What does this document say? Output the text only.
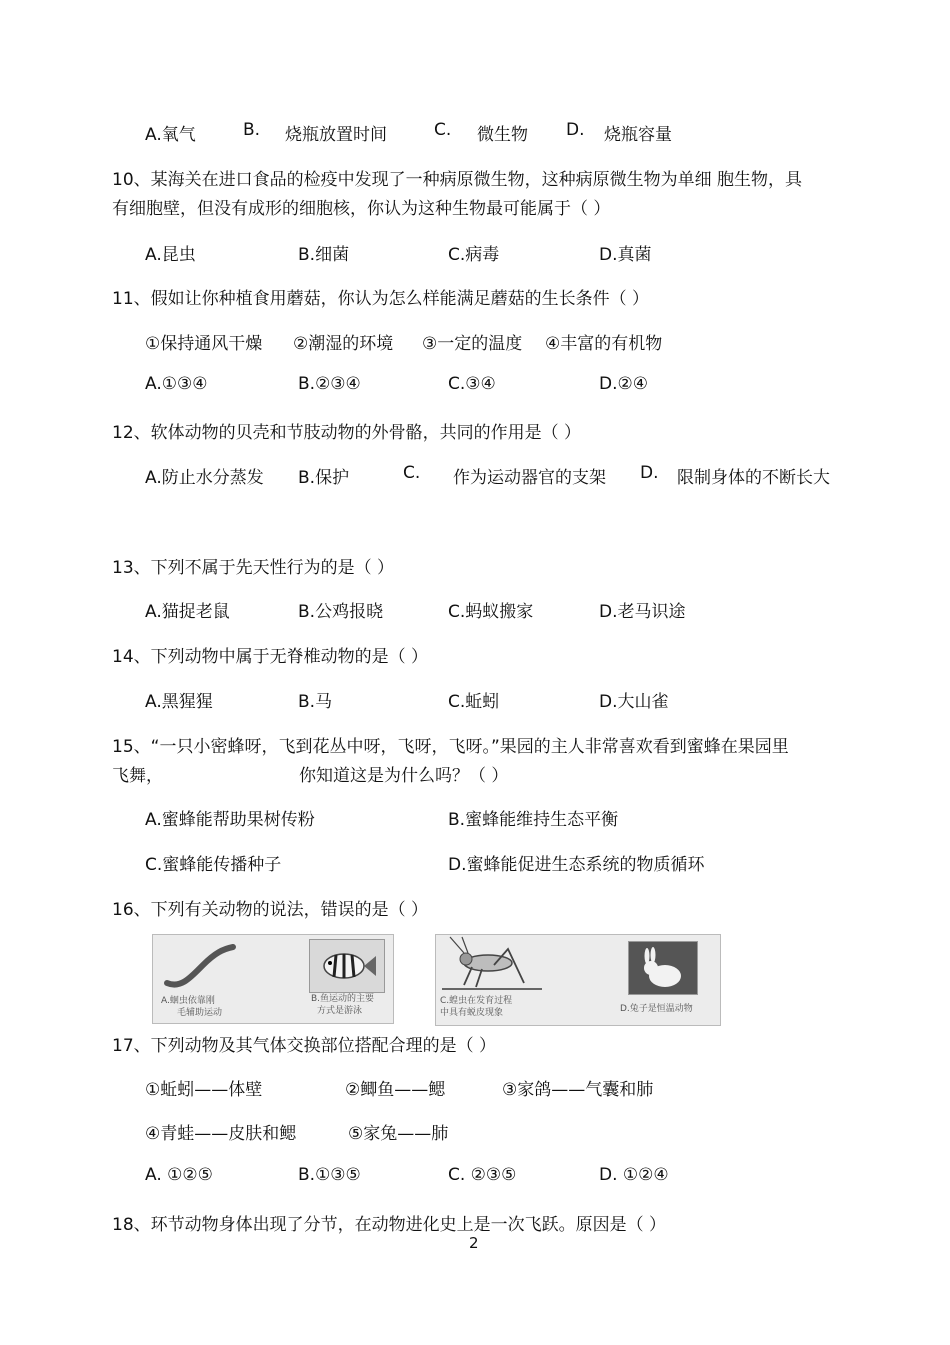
A.氧气	B. 烧瓶放置时间	C. 微生物 D. 烧瓶容量
10、某海关在进口食品的检疫中发现了一种病原微生物，这种病原微生物为单细 胞生物，具
有细胞壁，但没有成形的细胞核，你认为这种生物最可能属于（ ）
A.昆虫	B.细菌	C.病毒	D.真菌
11、假如让你种植食用蘑菇，你认为怎么样能满足蘑菇的生长条件（ ）
①保持通风干燥 ②潮湿的环境 ③一定的温度 ④丰富的有机物
A.①③④	B.②③④	C.③④	D.②④
12、软体动物的贝壳和节肢动物的外骨骼，共同的作用是（ ）
A.防止水分蒸发 B.保护	C. 作为运动器官的支架 D. 限制身体的不断长大
13、下列不属于先天性行为的是（ ）
A.猫捉老鼠	B.公鸡报晓	C.蚂蚁搬家	D.老马识途
14、下列动物中属于无脊椎动物的是（ ）
A.黑猩猩	B.马	C.蚯蚓	D.大山雀
15、“一只小密蜂呀，飞到花丛中呀，飞呀，飞呀。”果园的主人非常喜欢看到蜜蜂在果园里
飞舞，	你知道这是为什么吗？（ ）
A.蜜蜂能帮助果树传粉	B.蜜蜂能维持生态平衡
C.蜜蜂能传播种子	D.蜜蜂能促进生态系统的物质循环
16、下列有关动物的说法，错误的是（ ）
A.蛔虫依靠刚
毛辅助运动
B.鱼运动的主要
方式是游泳
C.蝗虫在发育过程
中具有蜕皮现象	D.兔子是恒温动物
17、下列动物及其气体交换部位搭配合理的是（ ）
①蚯蚓——体壁	②鲫鱼——鳃	③家鸽——气囊和肺
④青蛙——皮肤和鳃	⑤家兔——肺
A. ①②⑤	B.①③⑤	C. ②③⑤	D. ①②④
18、环节动物身体出现了分节，在动物进化史上是一次飞跃。原因是（ ）
2
